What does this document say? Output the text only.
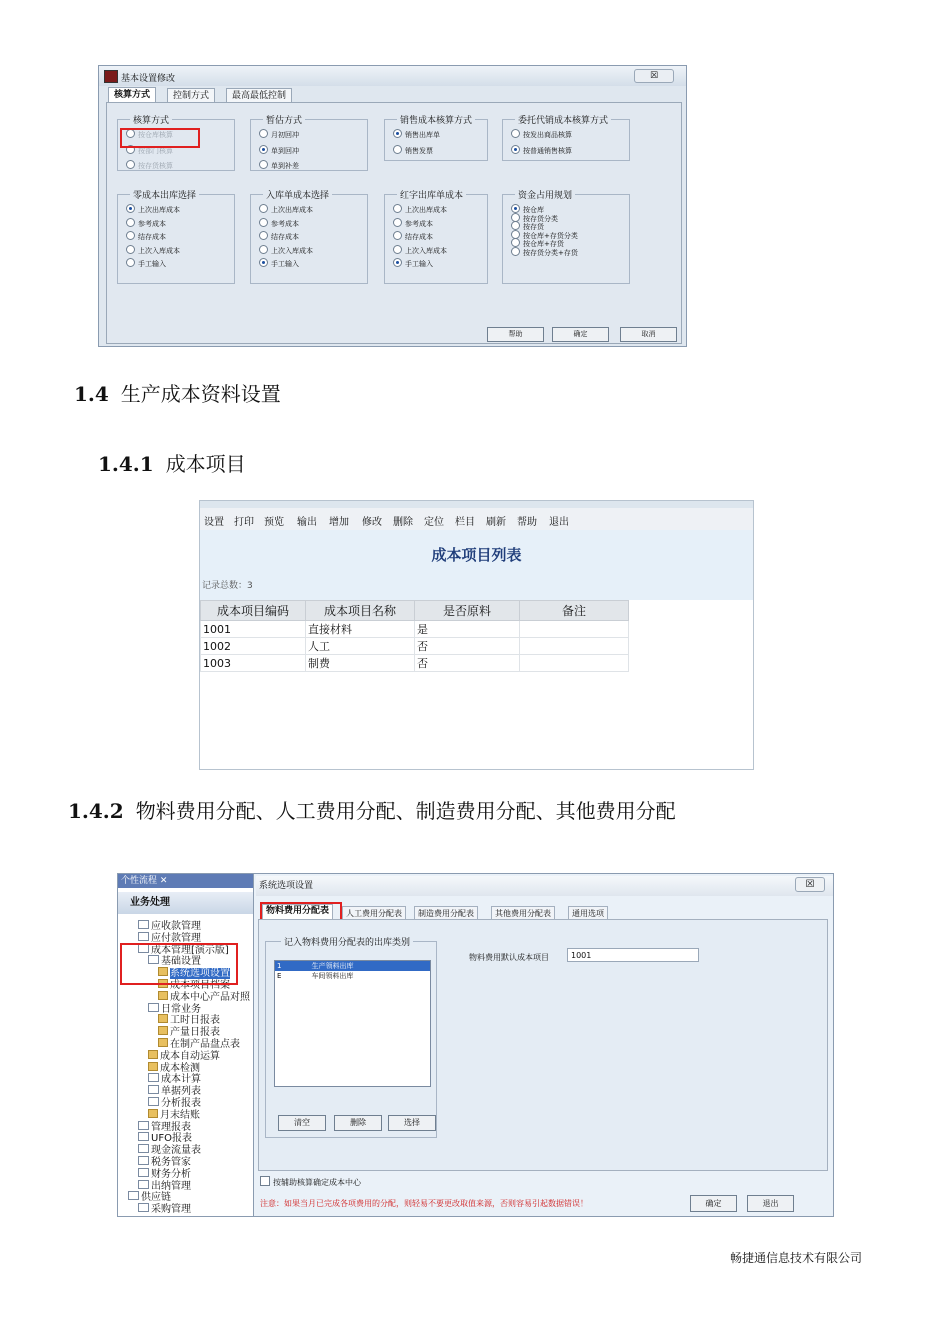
基本设置修改	☒
核算方式	控制方式	最高最低控制
核算方式
按仓库核算
按部门核算
按存货核算
暂估方式
月初回冲
单到回冲
单到补差
销售成本核算方式
销售出库单
销售发票
委托代销成本核算方式
按发出商品核算
按普通销售核算
零成本出库选择
上次出库成本
参考成本
结存成本
上次入库成本
手工输入
入库单成本选择
上次出库成本
参考成本
结存成本
上次入库成本
手工输入
红字出库单成本
上次出库成本
参考成本
结存成本
上次入库成本
手工输入
资金占用规划
按仓库
按存货分类
按存货
按仓库+存货分类
按仓库+存货
按存货分类+存货
帮助	确定	取消
1.4 生产成本资料设置
1.4.1 成本项目
设置 打印 预览 输出 增加 修改 删除 定位 栏目 刷新 帮助 退出
成本项目列表
记录总数：3
成本项目编码	成本项目名称	是否原料	备注
1001	直接材料	是	
1002	人工	否	
1003	制费	否	
1.4.2 物料费用分配、人工费用分配、制造费用分配、其他费用分配
个性流程 ✕
业务处理
应收款管理
应付款管理
成本管理[演示版]
基础设置
系统选项设置
成本项目档案
成本中心产品对照
日常业务
工时日报表
产量日报表
在制产品盘点表
成本自动运算
成本检测
成本计算
单据列表
分析报表
月末结账
管理报表
UFO报表
现金流量表
税务管家
财务分析
出纳管理
供应链
采购管理
系统选项设置	☒
物料费用分配表	人工费用分配表	制造费用分配表	其他费用分配表	通用选项
记入物料费用分配表的出库类别
1	生产领料出库
E	车间领料出库
清空	删除	选择
物料费用默认成本项目	1001
按辅助核算确定成本中心
注意：如果当月已完成各项费用的分配，则轻易不要更改取值来源，否则容易引起数据错误！	确定	退出
畅捷通信息技术有限公司
